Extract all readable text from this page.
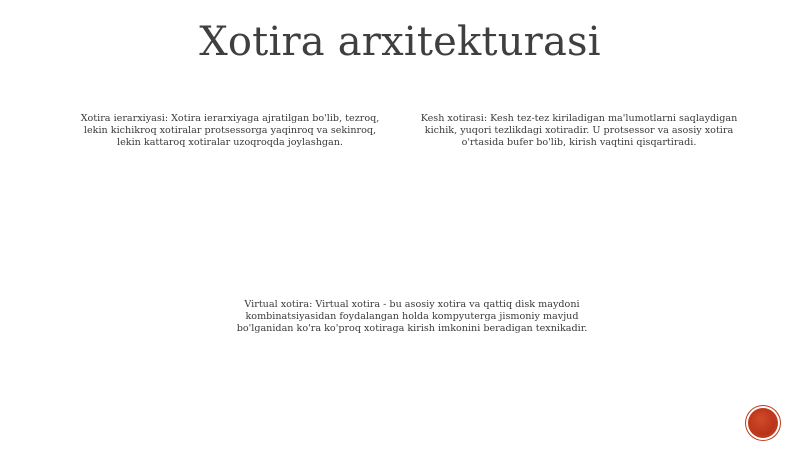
Xotira arxitekturasi
Xotira ierarxiyasi: Xotira ierarxiyaga ajratilgan bo'lib, tezroq, lekin kichikroq xotiralar protsessorga yaqinroq va sekinroq, lekin kattaroq xotiralar uzoqroqda joylashgan.
Kesh xotirasi: Kesh tez-tez kiriladigan ma'lumotlarni saqlaydigan kichik, yuqori tezlikdagi xotiradir. U protsessor va asosiy xotira o'rtasida bufer bo'lib, kirish vaqtini qisqartiradi.
Virtual xotira: Virtual xotira - bu asosiy xotira va qattiq disk maydoni kombinatsiyasidan foydalangan holda kompyuterga jismoniy mavjud bo'lganidan ko'ra ko'proq xotiraga kirish imkonini beradigan texnikadir.
